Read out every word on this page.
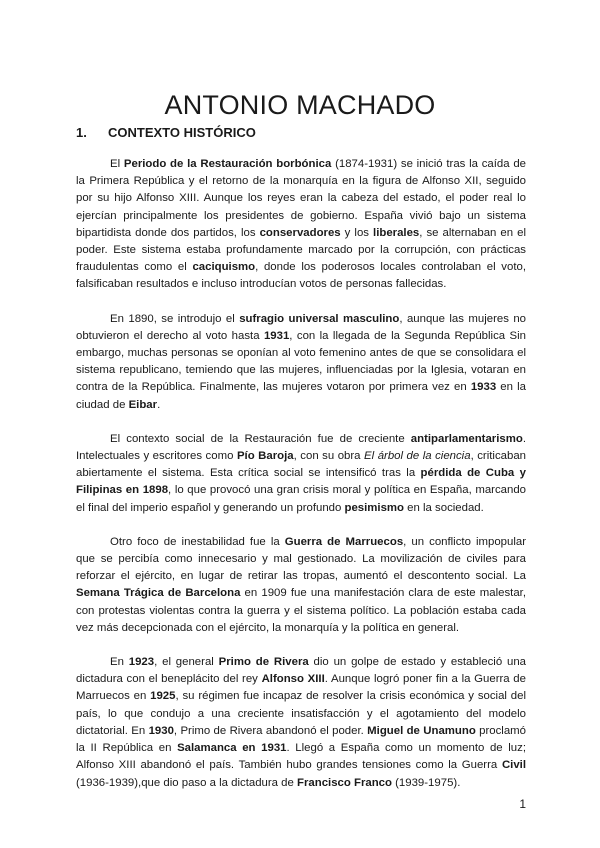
ANTONIO MACHADO
1. CONTEXTO HISTÓRICO

El Periodo de la Restauración borbónica (1874-1931) se inició tras la caída de la Primera República y el retorno de la monarquía en la figura de Alfonso XII, seguido por su hijo Alfonso XIII. Aunque los reyes eran la cabeza del estado, el poder real lo ejercían principalmente los presidentes de gobierno. España vivió bajo un sistema bipartidista donde dos partidos, los conservadores y los liberales, se alternaban en el poder. Este sistema estaba profundamente marcado por la corrupción, con prácticas fraudulentas como el caciquismo, donde los poderosos locales controlaban el voto, falsificaban resultados e incluso introducían votos de personas fallecidas.

En 1890, se introdujo el sufragio universal masculino, aunque las mujeres no obtuvieron el derecho al voto hasta 1931, con la llegada de la Segunda República Sin embargo, muchas personas se oponían al voto femenino antes de que se consolidara el sistema republicano, temiendo que las mujeres, influenciadas por la Iglesia, votaran en contra de la República. Finalmente, las mujeres votaron por primera vez en 1933 en la ciudad de Eibar.

El contexto social de la Restauración fue de creciente antiparlamentarismo. Intelectuales y escritores como Pío Baroja, con su obra El árbol de la ciencia, criticaban abiertamente el sistema. Esta crítica social se intensificó tras la pérdida de Cuba y Filipinas en 1898, lo que provocó una gran crisis moral y política en España, marcando el final del imperio español y generando un profundo pesimismo en la sociedad.

Otro foco de inestabilidad fue la Guerra de Marruecos, un conflicto impopular que se percibía como innecesario y mal gestionado. La movilización de civiles para reforzar el ejército, en lugar de retirar las tropas, aumentó el descontento social. La Semana Trágica de Barcelona en 1909 fue una manifestación clara de este malestar, con protestas violentas contra la guerra y el sistema político. La población estaba cada vez más decepcionada con el ejército, la monarquía y la política en general.

En 1923, el general Primo de Rivera dio un golpe de estado y estableció una dictadura con el beneplácito del rey Alfonso XIII. Aunque logró poner fin a la Guerra de Marruecos en 1925, su régimen fue incapaz de resolver la crisis económica y social del país, lo que condujo a una creciente insatisfacción y el agotamiento del modelo dictatorial. En 1930, Primo de Rivera abandonó el poder. Miguel de Unamuno proclamó la II República en Salamanca en 1931. Llegó a España como un momento de luz; Alfonso XIII abandonó el país. También hubo grandes tensiones como la Guerra Civil (1936-1939),que dio paso a la dictadura de Francisco Franco (1939-1975).

1
